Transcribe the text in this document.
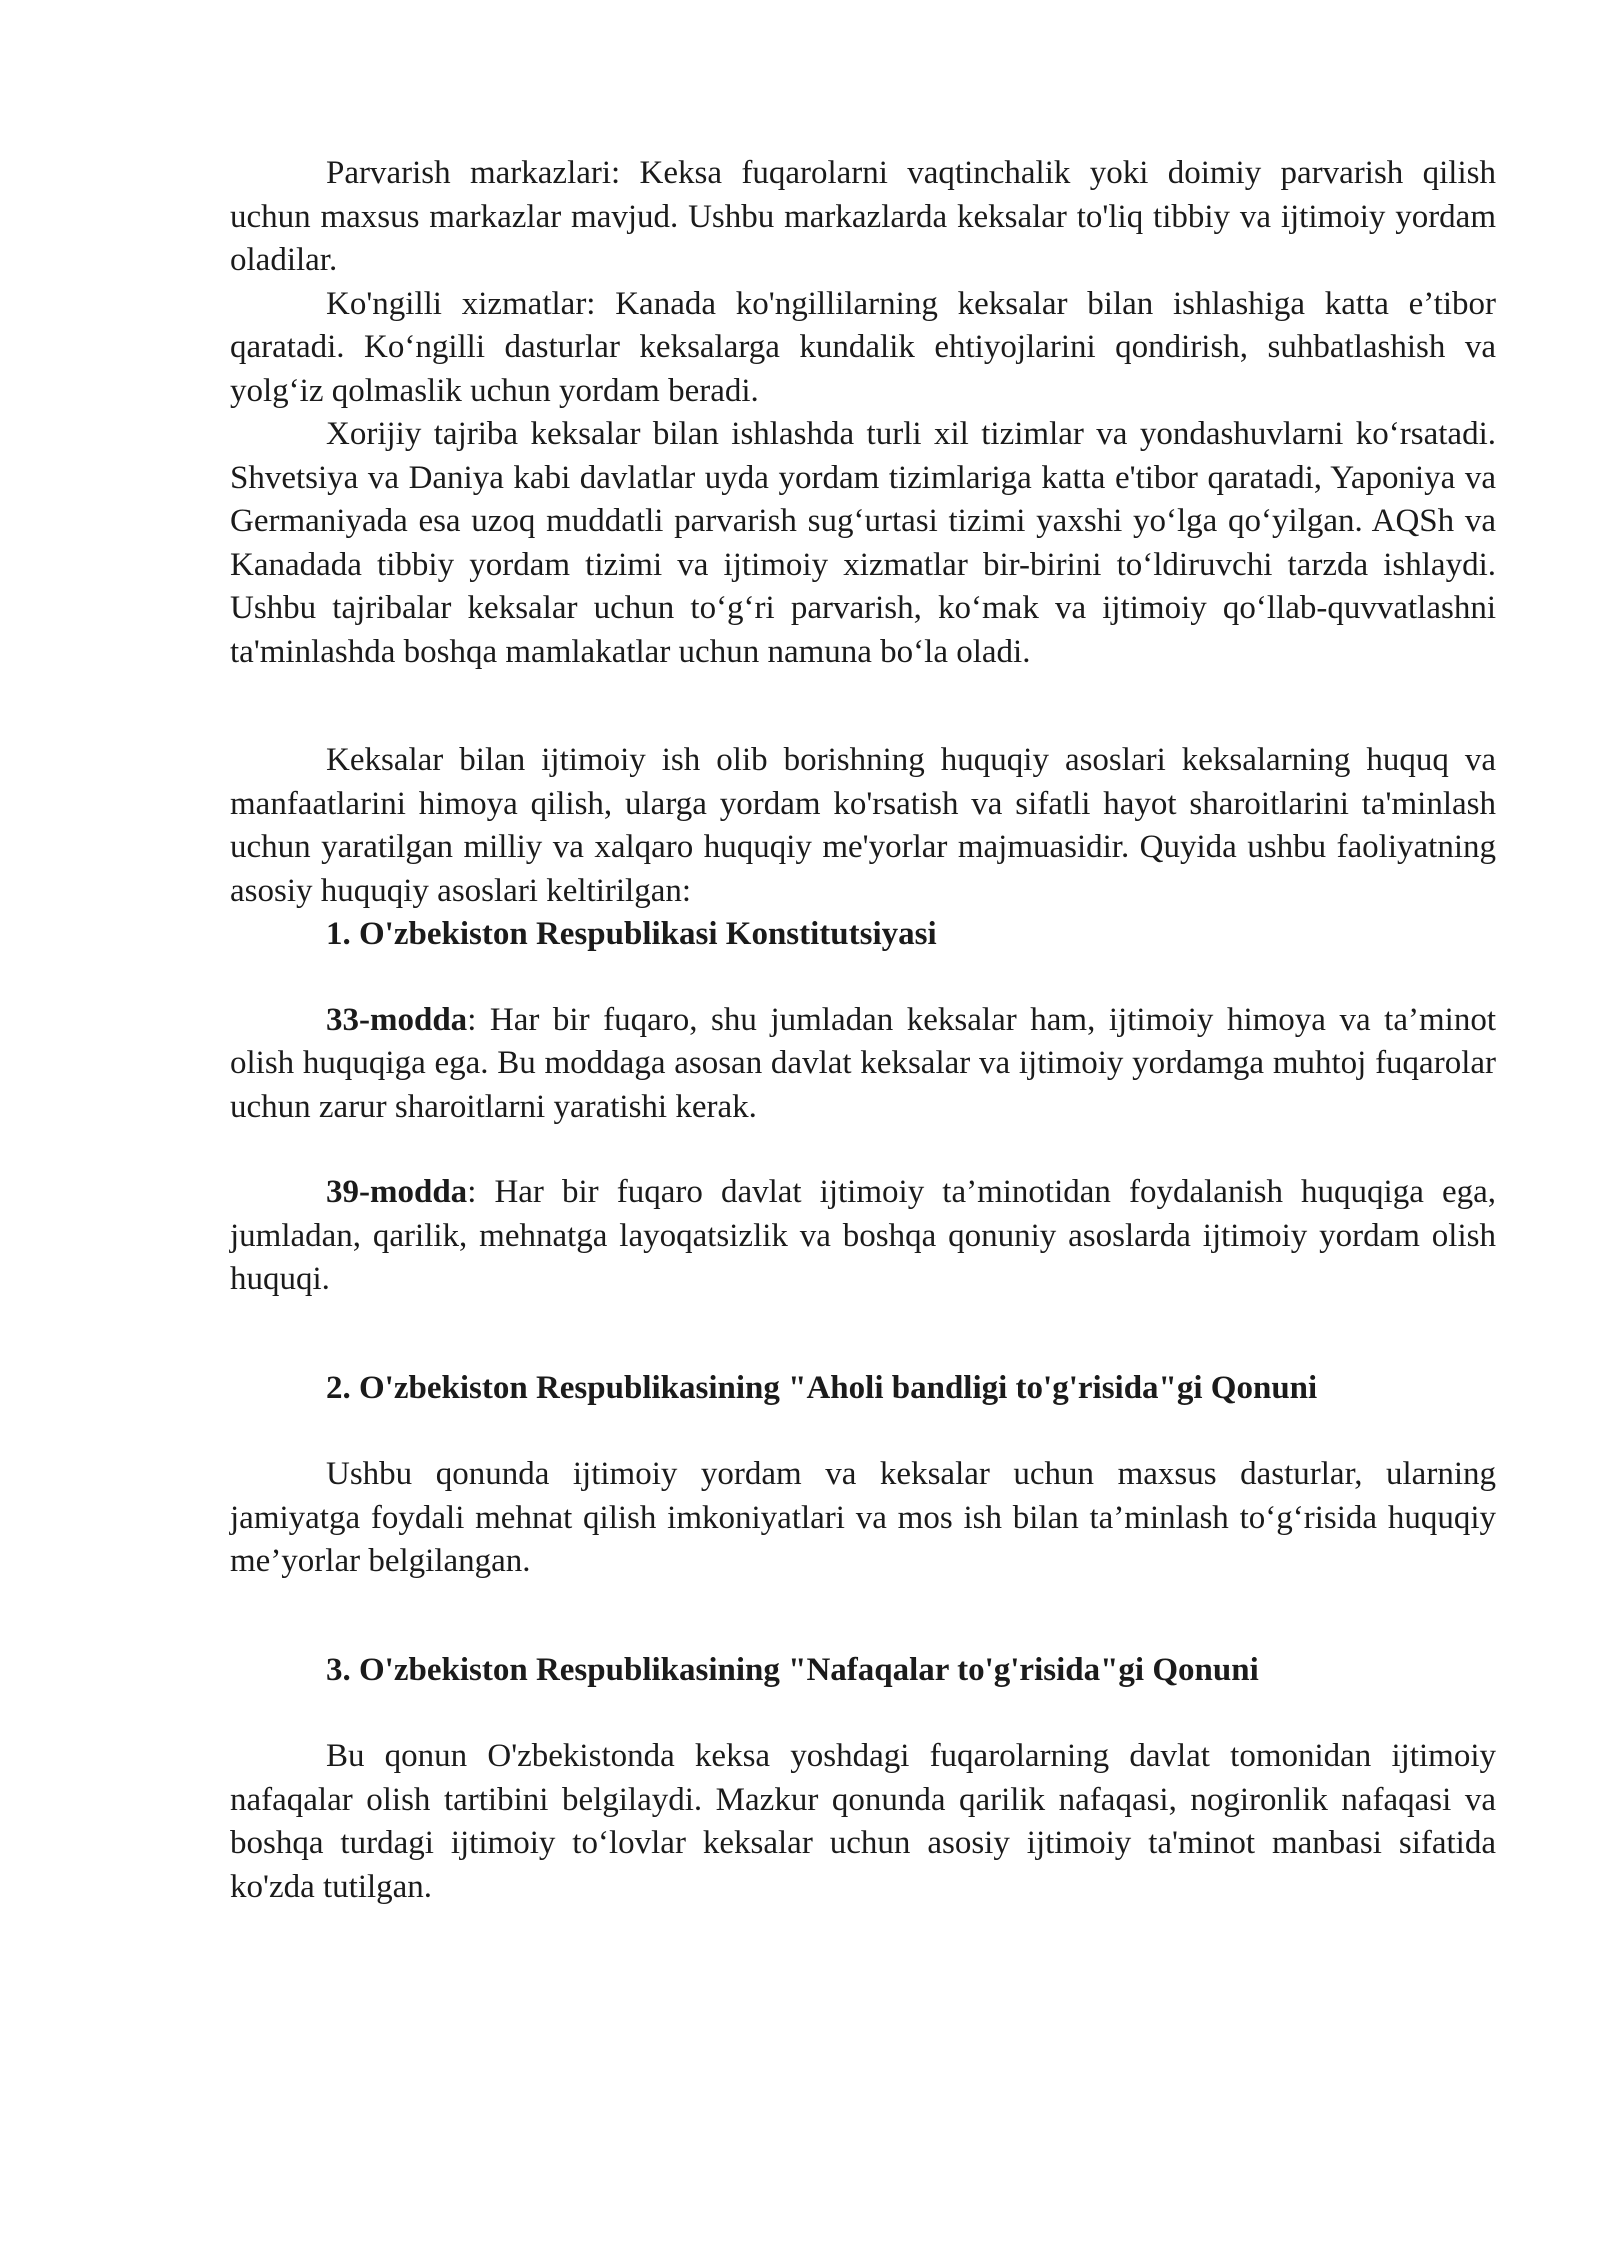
Parvarish markazlari: Keksa fuqarolarni vaqtinchalik yoki doimiy parvarish qilish uchun maxsus markazlar mavjud. Ushbu markazlarda keksalar to'liq tibbiy va ijtimoiy yordam oladilar.

Ko'ngilli xizmatlar: Kanada ko'ngillilarning keksalar bilan ishlashiga katta e’tibor qaratadi. Ko‘ngilli dasturlar keksalarga kundalik ehtiyojlarini qondirish, suhbatlashish va yolg‘iz qolmaslik uchun yordam beradi.

Xorijiy tajriba keksalar bilan ishlashda turli xil tizimlar va yondashuvlarni ko‘rsatadi. Shvetsiya va Daniya kabi davlatlar uyda yordam tizimlariga katta e'tibor qaratadi, Yaponiya va Germaniyada esa uzoq muddatli parvarish sug‘urtasi tizimi yaxshi yo‘lga qo‘yilgan. AQSh va Kanadada tibbiy yordam tizimi va ijtimoiy xizmatlar bir-birini to‘ldiruvchi tarzda ishlaydi. Ushbu tajribalar keksalar uchun to‘g‘ri parvarish, ko‘mak va ijtimoiy qo‘llab-quvvatlashni ta'minlashda boshqa mamlakatlar uchun namuna bo‘la oladi.

Keksalar bilan ijtimoiy ish olib borishning huquqiy asoslari keksalarning huquq va manfaatlarini himoya qilish, ularga yordam ko'rsatish va sifatli hayot sharoitlarini ta'minlash uchun yaratilgan milliy va xalqaro huquqiy me'yorlar majmuasidir. Quyida ushbu faoliyatning asosiy huquqiy asoslari keltirilgan:

1. O'zbekiston Respublikasi Konstitutsiyasi

33-modda: Har bir fuqaro, shu jumladan keksalar ham, ijtimoiy himoya va ta’minot olish huquqiga ega. Bu moddaga asosan davlat keksalar va ijtimoiy yordamga muhtoj fuqarolar uchun zarur sharoitlarni yaratishi kerak.

39-modda: Har bir fuqaro davlat ijtimoiy ta’minotidan foydalanish huquqiga ega, jumladan, qarilik, mehnatga layoqatsizlik va boshqa qonuniy asoslarda ijtimoiy yordam olish huquqi.

2. O'zbekiston Respublikasining "Aholi bandligi to'g'risida"gi Qonuni

Ushbu qonunda ijtimoiy yordam va keksalar uchun maxsus dasturlar, ularning jamiyatga foydali mehnat qilish imkoniyatlari va mos ish bilan ta’minlash to‘g‘risida huquqiy me’yorlar belgilangan.

3. O'zbekiston Respublikasining "Nafaqalar to'g'risida"gi Qonuni

Bu qonun O'zbekistonda keksa yoshdagi fuqarolarning davlat tomonidan ijtimoiy nafaqalar olish tartibini belgilaydi. Mazkur qonunda qarilik nafaqasi, nogironlik nafaqasi va boshqa turdagi ijtimoiy to‘lovlar keksalar uchun asosiy ijtimoiy ta'minot manbasi sifatida ko'zda tutilgan.
